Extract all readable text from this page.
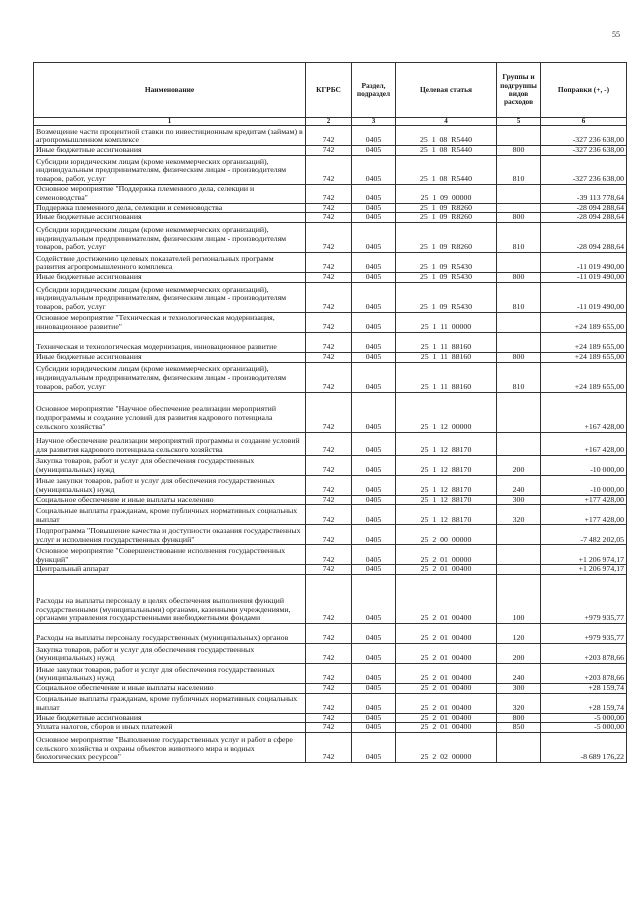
55
Наименование	КГРБС	Раздел, подраздел	Целевая статья	Группы и подгруппы видов расходов	Поправки (+, -)
1	2	3	4	5	6
Возмещение части процентной ставки по инвестиционным кредитам (займам) в агропромышленном комплексе	742	0405	25  1  08  R5440		-327 236 638,00
Иные бюджетные ассигнования	742	0405	25  1  08  R5440	800	-327 236 638,00
Субсидии юридическим лицам (кроме некоммерческих организаций), индивидуальным предпринимателям, физическим лицам - производителям товаров, работ, услуг	742	0405	25  1  08  R5440	810	-327 236 638,00
Основное мероприятие "Поддержка племенного дела, селекции и семеноводства"	742	0405	25  1  09  00000		-39 113 778,64
Поддержка племенного дела, селекции и семеноводства	742	0405	25  1  09  R8260		-28 094 288,64
Иные бюджетные ассигнования	742	0405	25  1  09  R8260	800	-28 094 288,64
Субсидии юридическим лицам (кроме некоммерческих организаций), индивидуальным предпринимателям, физическим лицам - производителям товаров, работ, услуг	742	0405	25  1  09  R8260	810	-28 094 288,64
Содействие достижению целевых показателей региональных программ развития агропромышленного комплекса	742	0405	25  1  09  R5430		-11 019 490,00
Иные бюджетные ассигнования	742	0405	25  1  09  R5430	800	-11 019 490,00
Субсидии юридическим лицам (кроме некоммерческих организаций), индивидуальным предпринимателям, физическим лицам - производителям товаров, работ, услуг	742	0405	25  1  09  R5430	810	-11 019 490,00
Основное мероприятие "Техническая и технологическая модернизация, инновационное развитие"	742	0405	25  1  11  00000		+24 189 655,00
Техническая и технологическая модернизация, инновационное развитие	742	0405	25  1  11  88160		+24 189 655,00
Иные бюджетные ассигнования	742	0405	25  1  11  88160	800	+24 189 655,00
Субсидии юридическим лицам (кроме некоммерческих организаций), индивидуальным предпринимателям, физическим лицам - производителям товаров, работ, услуг	742	0405	25  1  11  88160	810	+24 189 655,00
Основное мероприятие "Научное обеспечение реализации мероприятий подпрограммы и создание условий для развития кадрового потенциала сельского хозяйства"	742	0405	25  1  12  00000		+167 428,00
Научное обеспечение реализации мероприятий программы и создание условий для развития кадрового потенциала сельского хозяйства	742	0405	25  1  12  88170		+167 428,00
Закупка товаров, работ и услуг для обеспечения государственных (муниципальных) нужд	742	0405	25  1  12  88170	200	-10 000,00
Иные закупки товаров, работ и услуг для обеспечения государственных (муниципальных) нужд	742	0405	25  1  12  88170	240	-10 000,00
Социальное обеспечение и иные выплаты населению	742	0405	25  1  12  88170	300	+177 428,00
Социальные выплаты гражданам, кроме публичных нормативных социальных выплат	742	0405	25  1  12  88170	320	+177 428,00
Подпрограмма "Повышение качества и доступности оказания государственных услуг и исполнения государственных функций"	742	0405	25  2  00  00000		-7 482 202,05
Основное мероприятие "Совершенствование исполнения государственных функций"	742	0405	25  2  01  00000		+1 206 974,17
Центральный аппарат	742	0405	25  2  01  00400		+1 206 974,17
Расходы на выплаты персоналу в целях обеспечения выполнения функций государственными (муниципальными) органами, казенными учреждениями, органами управления государственными внебюджетными фондами	742	0405	25  2  01  00400	100	+979 935,77
Расходы на выплаты персоналу государственных (муниципальных) органов	742	0405	25  2  01  00400	120	+979 935,77
Закупка товаров, работ и услуг для обеспечения государственных (муниципальных) нужд	742	0405	25  2  01  00400	200	+203 878,66
Иные закупки товаров, работ и услуг для обеспечения государственных (муниципальных) нужд	742	0405	25  2  01  00400	240	+203 878,66
Социальное обеспечение и иные выплаты населению	742	0405	25  2  01  00400	300	+28 159,74
Социальные выплаты гражданам, кроме публичных нормативных социальных выплат	742	0405	25  2  01  00400	320	+28 159,74
Иные бюджетные ассигнования	742	0405	25  2  01  00400	800	-5 000,00
Уплата налогов, сборов и иных платежей	742	0405	25  2  01  00400	850	-5 000,00
Основное мероприятие "Выполнение государственных услуг и работ в сфере сельского хозяйства и охраны объектов животного мира и водных биологических ресурсов"	742	0405	25  2  02  00000		-8 689 176,22
